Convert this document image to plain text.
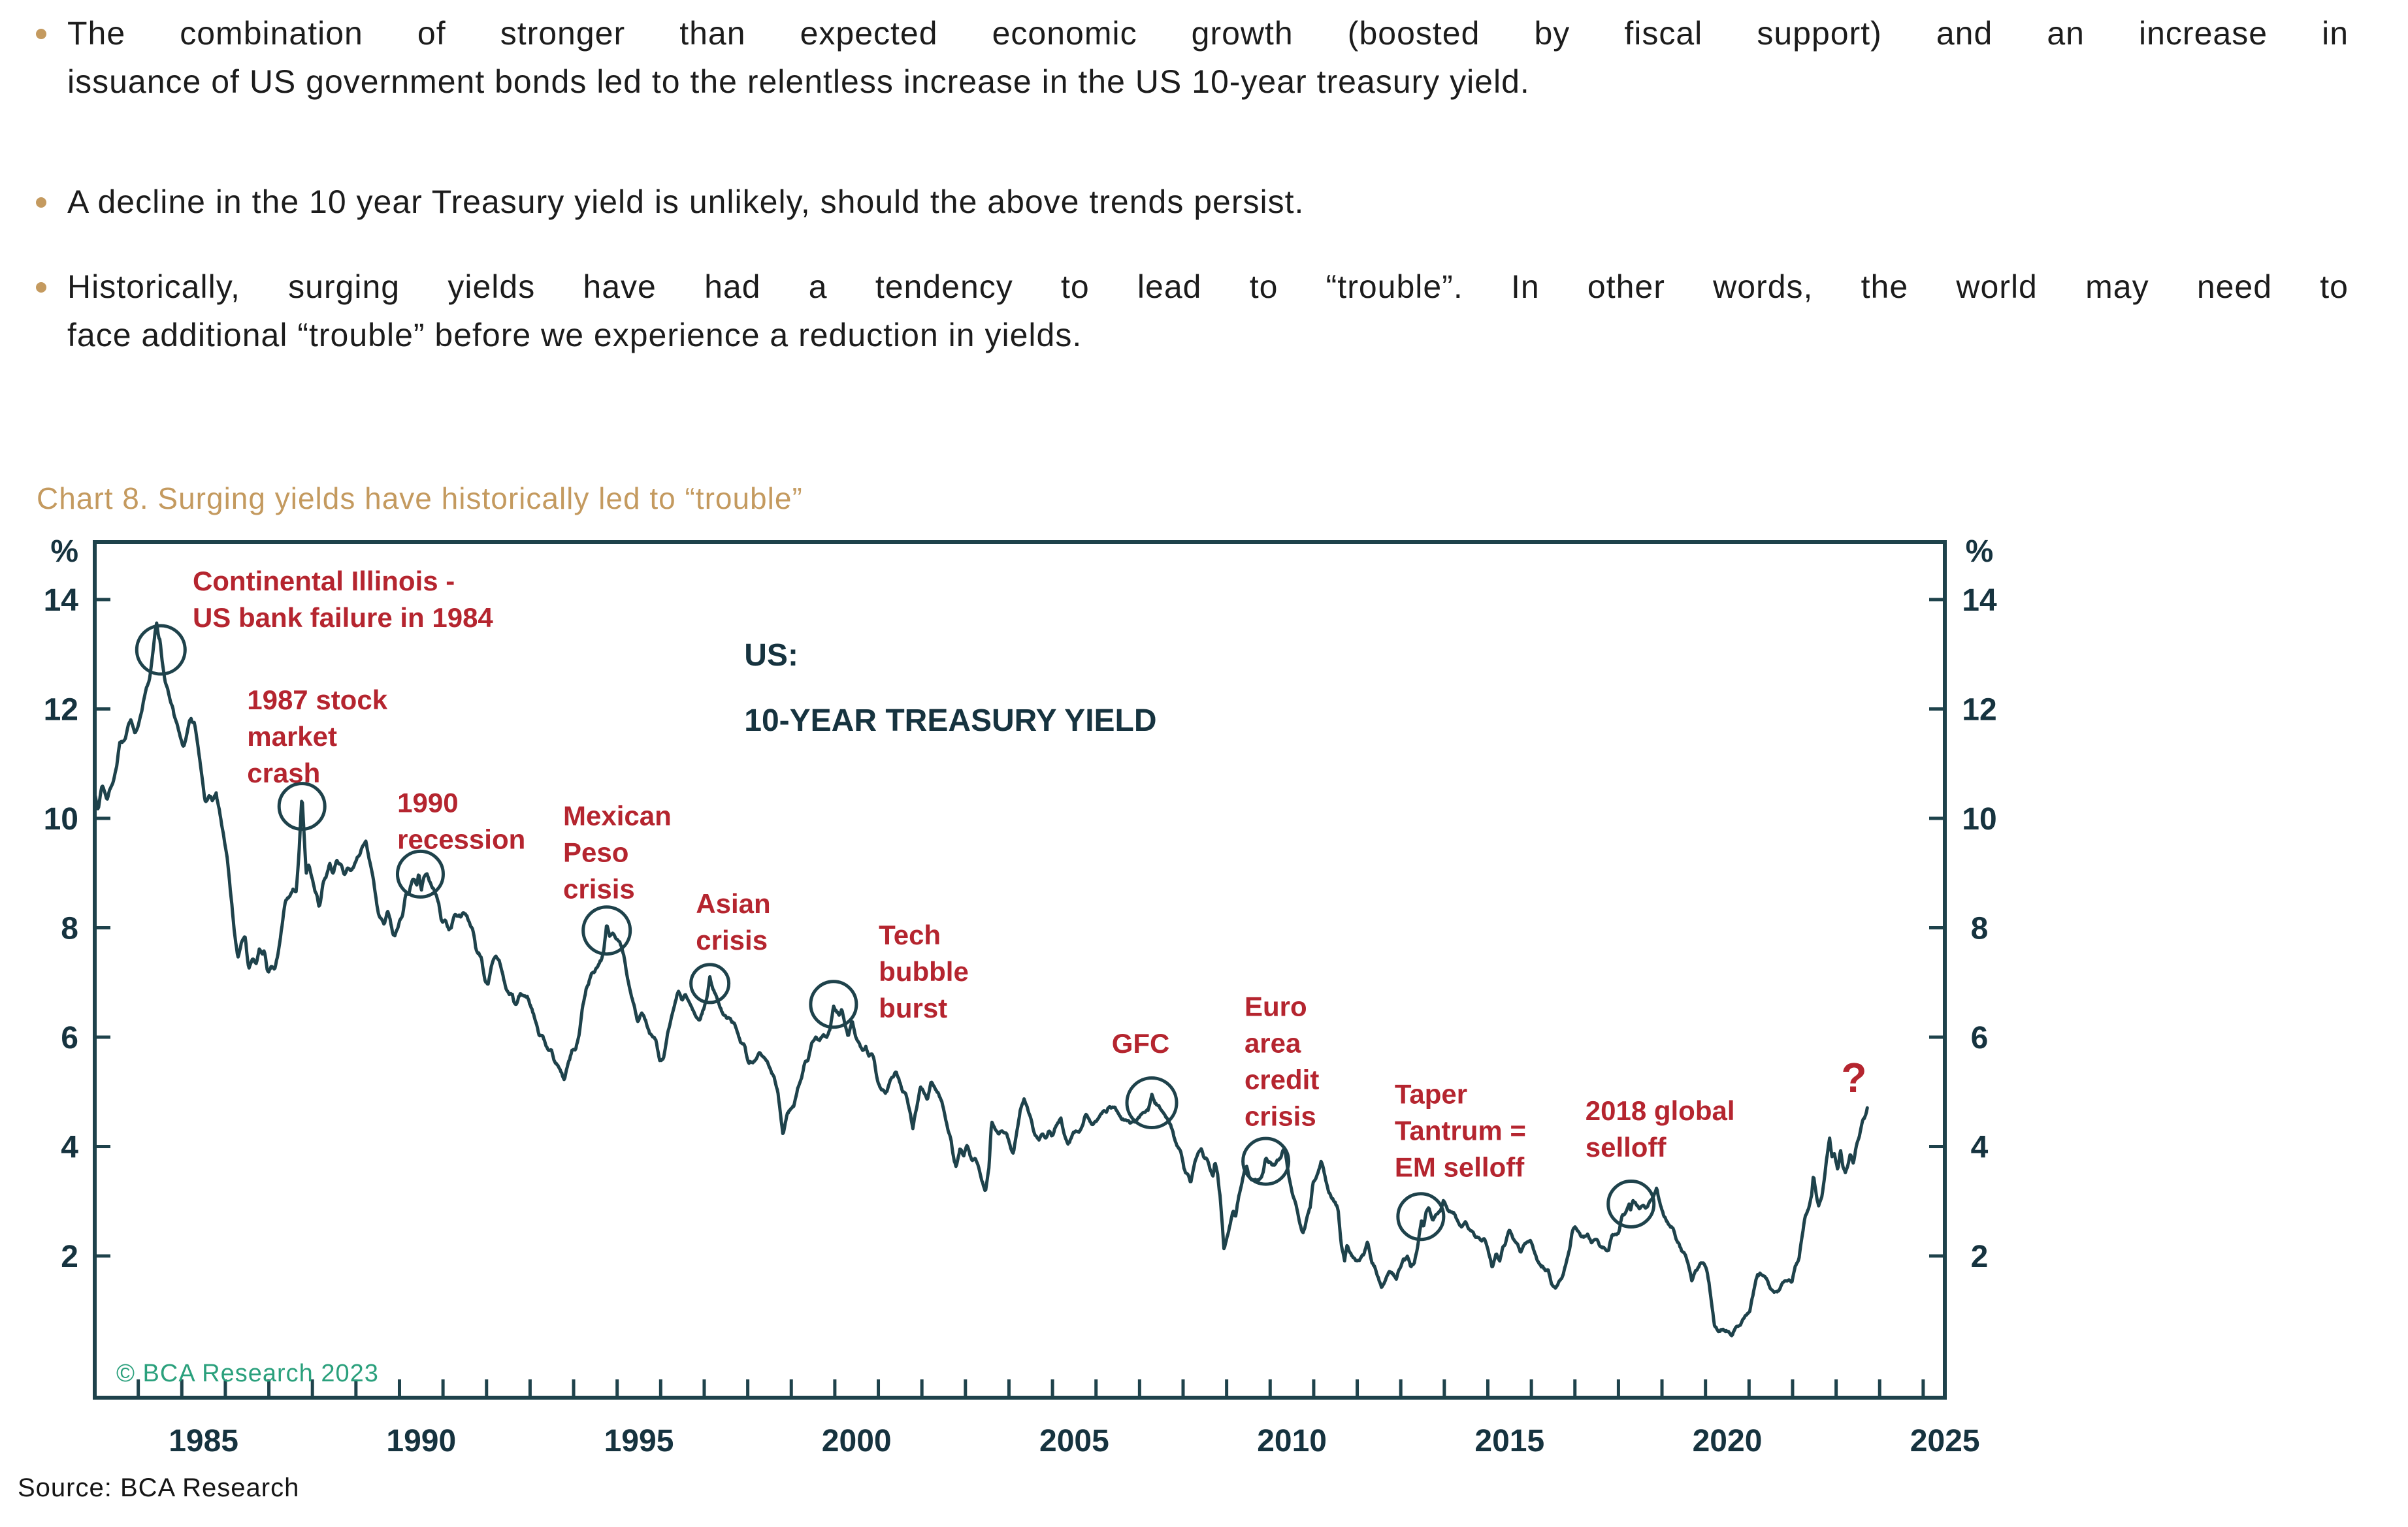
The combination of stronger than expected economic growth (boosted by fiscal support) and an increase in
issuance of US government bonds led to the relentless increase in the US 10-year treasury yield.
A decline in the 10 year Treasury yield is unlikely, should the above trends persist.
Historically, surging yields have had a tendency to lead to “trouble”. In other words, the world may need to
face additional “trouble” before we experience a reduction in yields.
Chart 8. Surging yields have historically led to “trouble”
14	14
12	12
10	10
8	8
6	6
4	4
2	2
%	%
1985	1990	1995	2000	2005	2010	2015	2020	2025
US: 10-YEAR TREASURY YIELD
© BCA Research 2023
Continental Illinois -US bank failure in 1984
1987 stock market crash
1990 recession
Mexican Peso crisis	Asian crisis	Tech bubble burst
GFC
Euro area credit crisis
Taper Tantrum = EM selloff
2018 global selloff
?
Source: BCA Research
